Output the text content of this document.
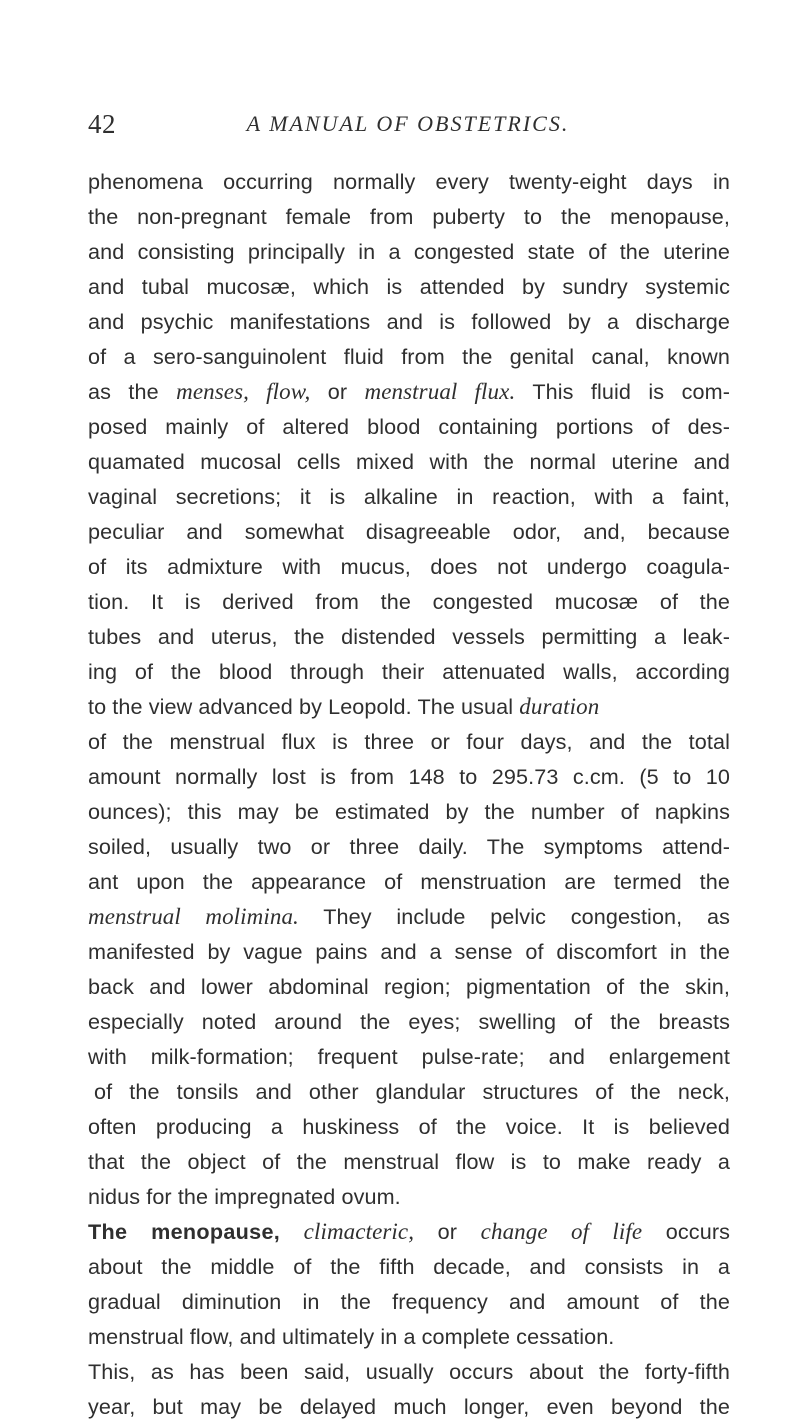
42	A MANUAL OF OBSTETRICS.
phenomena occurring normally every twenty-eight days in
the non-pregnant female from puberty to the menopause,
and consisting principally in a congested state of the uterine
and tubal mucosæ, which is attended by sundry systemic
and psychic manifestations and is followed by a discharge
of a sero-sanguinolent fluid from the genital canal, known
as the menses, flow, or menstrual flux. This fluid is com-
posed mainly of altered blood containing portions of des-
quamated mucosal cells mixed with the normal uterine and
vaginal secretions; it is alkaline in reaction, with a faint,
peculiar and somewhat disagreeable odor, and, because
of its admixture with mucus, does not undergo coagula-
tion. It is derived from the congested mucosæ of the
tubes and uterus, the distended vessels permitting a leak-
ing of the blood through their attenuated walls, according
to the view advanced by Leopold. The usual duration
of the menstrual flux is three or four days, and the total
amount normally lost is from 148 to 295.73 c.cm. (5 to 10
ounces); this may be estimated by the number of napkins
soiled, usually two or three daily. The symptoms attend-
ant upon the appearance of menstruation are termed the
menstrual molimina. They include pelvic congestion, as
manifested by vague pains and a sense of discomfort in the
back and lower abdominal region; pigmentation of the skin,
especially noted around the eyes; swelling of the breasts
with milk-formation; frequent pulse-rate; and enlargement
of the tonsils and other glandular structures of the neck,
often producing a huskiness of the voice. It is believed
that the object of the menstrual flow is to make ready a
nidus for the impregnated ovum.
The menopause, climacteric, or change of life occurs
about the middle of the fifth decade, and consists in a
gradual diminution in the frequency and amount of the
menstrual flow, and ultimately in a complete cessation.
This, as has been said, usually occurs about the forty-fifth
year, but may be delayed much longer, even beyond the
